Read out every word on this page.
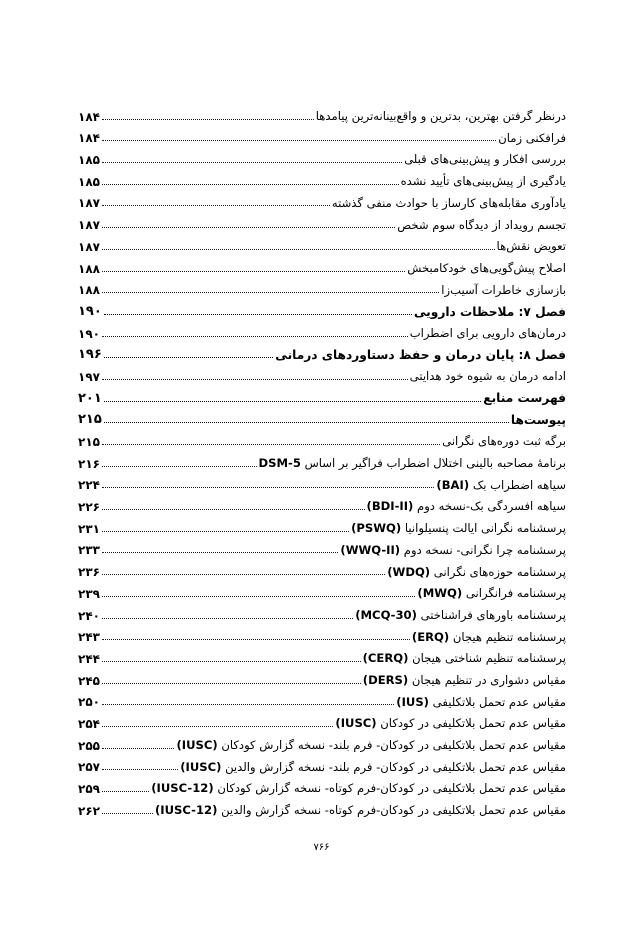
درنظر گرفتن بهترین، بدترین و واقع‌بینانه‌ترین پیامدها
۱۸۴
فرافکنی زمان
۱۸۴
بررسی افکار و پیش‌بینی‌های قبلی
۱۸۵
یادگیری از پیش‌بینی‌های تأیید نشده
۱۸۵
یادآوری مقابله‌های کارساز با حوادث منفی گذشته
۱۸۷
تجسم رویداد از دیدگاه سوم شخص
۱۸۷
تعویض نقش‌ها
۱۸۷
اصلاح پیش‌گویی‌های خودکامبخش
۱۸۸
بازسازی خاطرات آسیب‌زا
۱۸۸
فصل ۷: ملاحظات دارویی
۱۹۰
درمان‌های دارویی برای اضطراب
۱۹۰
فصل ۸: پایان درمان و حفظ دستاوردهای درمانی
۱۹۶
ادامه درمان به شیوه خود هدایتی
۱۹۷
فهرست منابع
۲۰۱
پیوست‌ها
۲۱۵
برگه ثبت دوره‌های نگرانی
۲۱۵
برنامهٔ مصاحبه بالینی اختلال اضطراب فراگیر بر اساس DSM-5
۲۱۶
سیاهه اضطراب بک (BAI)
۲۲۴
سیاهه افسردگی بک-نسخه دوم (BDI-II)
۲۲۶
پرسشنامه نگرانی ایالت پنسیلوانیا (PSWQ)
۲۳۱
پرسشنامه چرا نگرانی- نسخه دوم (WWQ-II)
۲۳۳
پرسشنامه حوزه‌های نگرانی (WDQ)
۲۳۶
پرسشنامه فرانگرانی (MWQ)
۲۳۹
پرسشنامه باورهای فراشناختی (MCQ-30)
۲۴۰
پرسشنامه تنظیم هیجان (ERQ)
۲۴۳
پرسشنامه تنظیم شناختی هیجان (CERQ)
۲۴۴
مقیاس دشواری در تنظیم هیجان (DERS)
۲۴۵
مقیاس عدم تحمل بلاتکلیفی (IUS)
۲۵۰
مقیاس عدم تحمل بلاتکلیفی در کودکان (IUSC)
۲۵۴
مقیاس عدم تحمل بلاتکلیفی در کودکان- فرم بلند- نسخه گزارش کودکان (IUSC)
۲۵۵
مقیاس عدم تحمل بلاتکلیفی در کودکان- فرم بلند- نسخه گزارش والدین (IUSC)
۲۵۷
مقیاس عدم تحمل بلاتکلیفی در کودکان-فرم کوتاه- نسخه گزارش کودکان (IUSC-12)
۲۵۹
مقیاس عدم تحمل بلاتکلیفی در کودکان-فرم کوتاه- نسخه گزارش والدین (IUSC-12)
۲۶۲
۷۶۶
